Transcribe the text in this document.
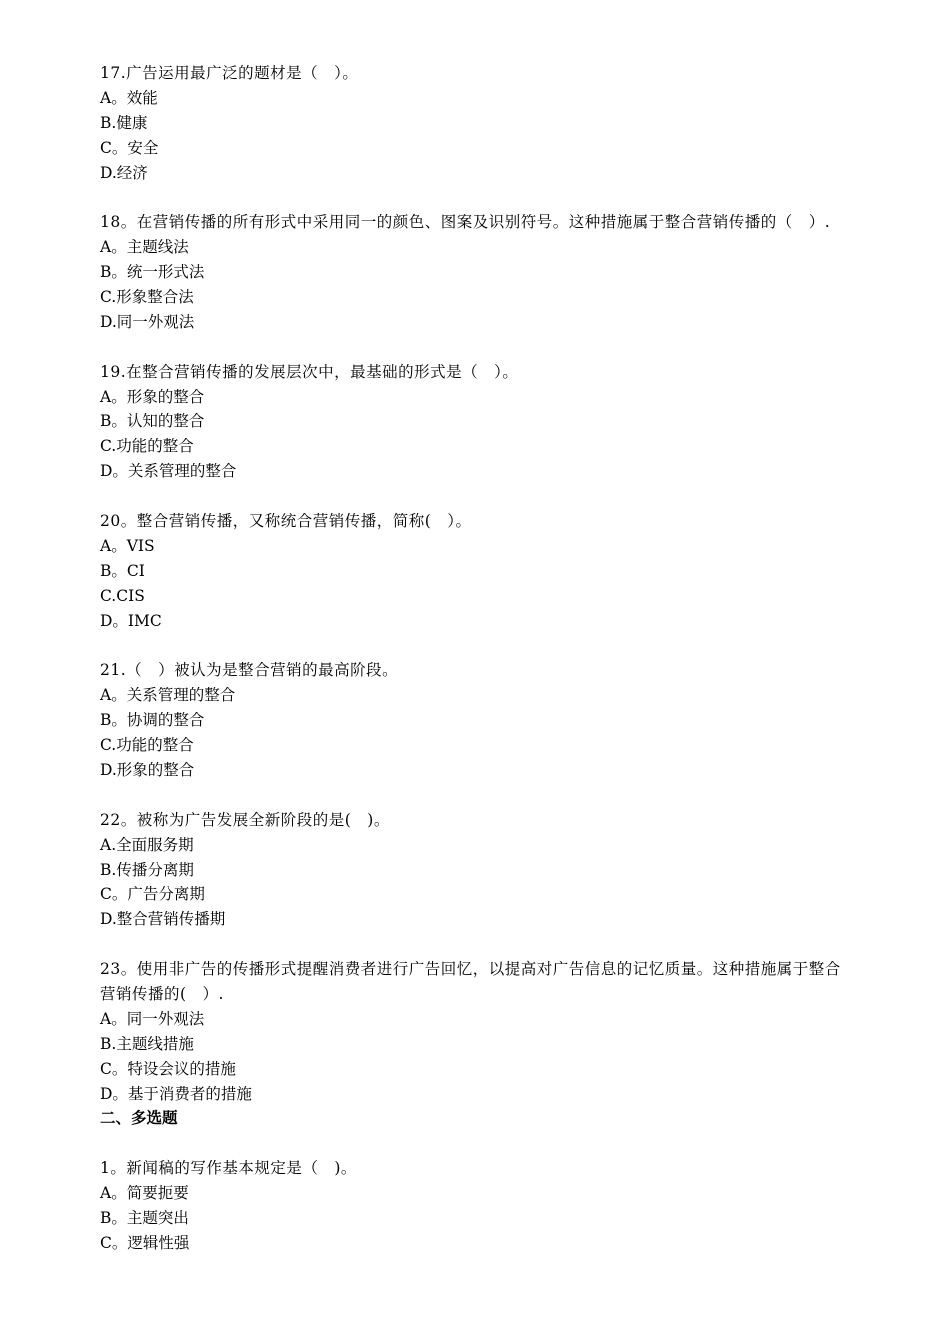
17.广告运用最广泛的题材是（　）。
A。效能
B.健康
C。安全
D.经济
18。在营销传播的所有形式中采用同一的颜色、图案及识别符号。这种措施属于整合营销传播的（　）.
A。主题线法
B。统一形式法
C.形象整合法
D.同一外观法
19.在整合营销传播的发展层次中，最基础的形式是（　）。
A。形象的整合
B。认知的整合
C.功能的整合
D。关系管理的整合
20。整合营销传播，又称统合营销传播，简称(　）。
A。VIS
B。CI
C.CIS
D。IMC
21.（　）被认为是整合营销的最高阶段。
A。关系管理的整合
B。协调的整合
C.功能的整合
D.形象的整合
22。被称为广告发展全新阶段的是(　)。
A.全面服务期
B.传播分离期
C。广告分离期
D.整合营销传播期
23。使用非广告的传播形式提醒消费者进行广告回忆，以提高对广告信息的记忆质量。这种措施属于整合营销传播的(　）.
A。同一外观法
B.主题线措施
C。特设会议的措施
D。基于消费者的措施
二、多选题
1。新闻稿的写作基本规定是（　)。
A。简要扼要
B。主题突出
C。逻辑性强
